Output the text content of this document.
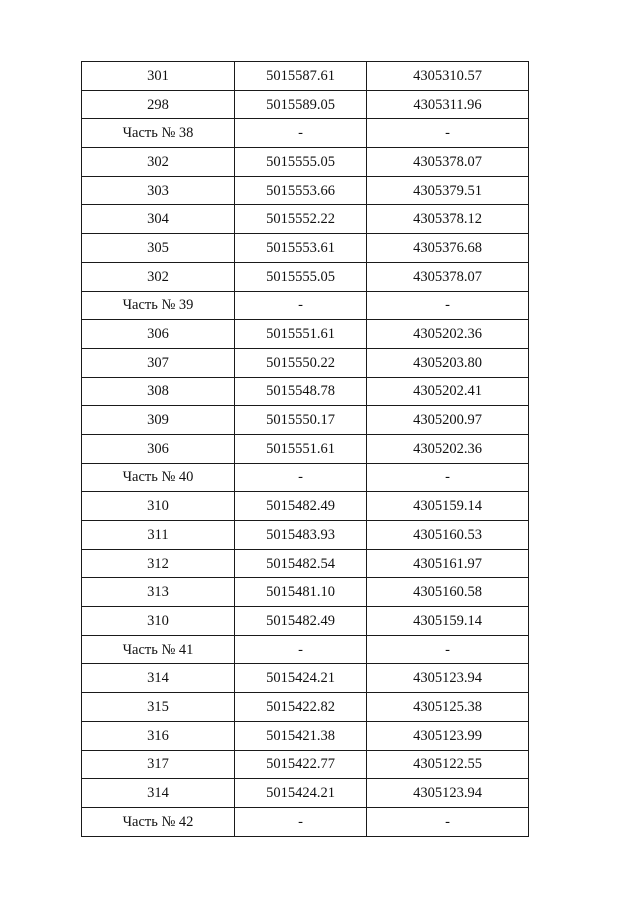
301	5015587.61	4305310.57
298	5015589.05	4305311.96
Часть № 38	-	-
302	5015555.05	4305378.07
303	5015553.66	4305379.51
304	5015552.22	4305378.12
305	5015553.61	4305376.68
302	5015555.05	4305378.07
Часть № 39	-	-
306	5015551.61	4305202.36
307	5015550.22	4305203.80
308	5015548.78	4305202.41
309	5015550.17	4305200.97
306	5015551.61	4305202.36
Часть № 40	-	-
310	5015482.49	4305159.14
311	5015483.93	4305160.53
312	5015482.54	4305161.97
313	5015481.10	4305160.58
310	5015482.49	4305159.14
Часть № 41	-	-
314	5015424.21	4305123.94
315	5015422.82	4305125.38
316	5015421.38	4305123.99
317	5015422.77	4305122.55
314	5015424.21	4305123.94
Часть № 42	-	-
